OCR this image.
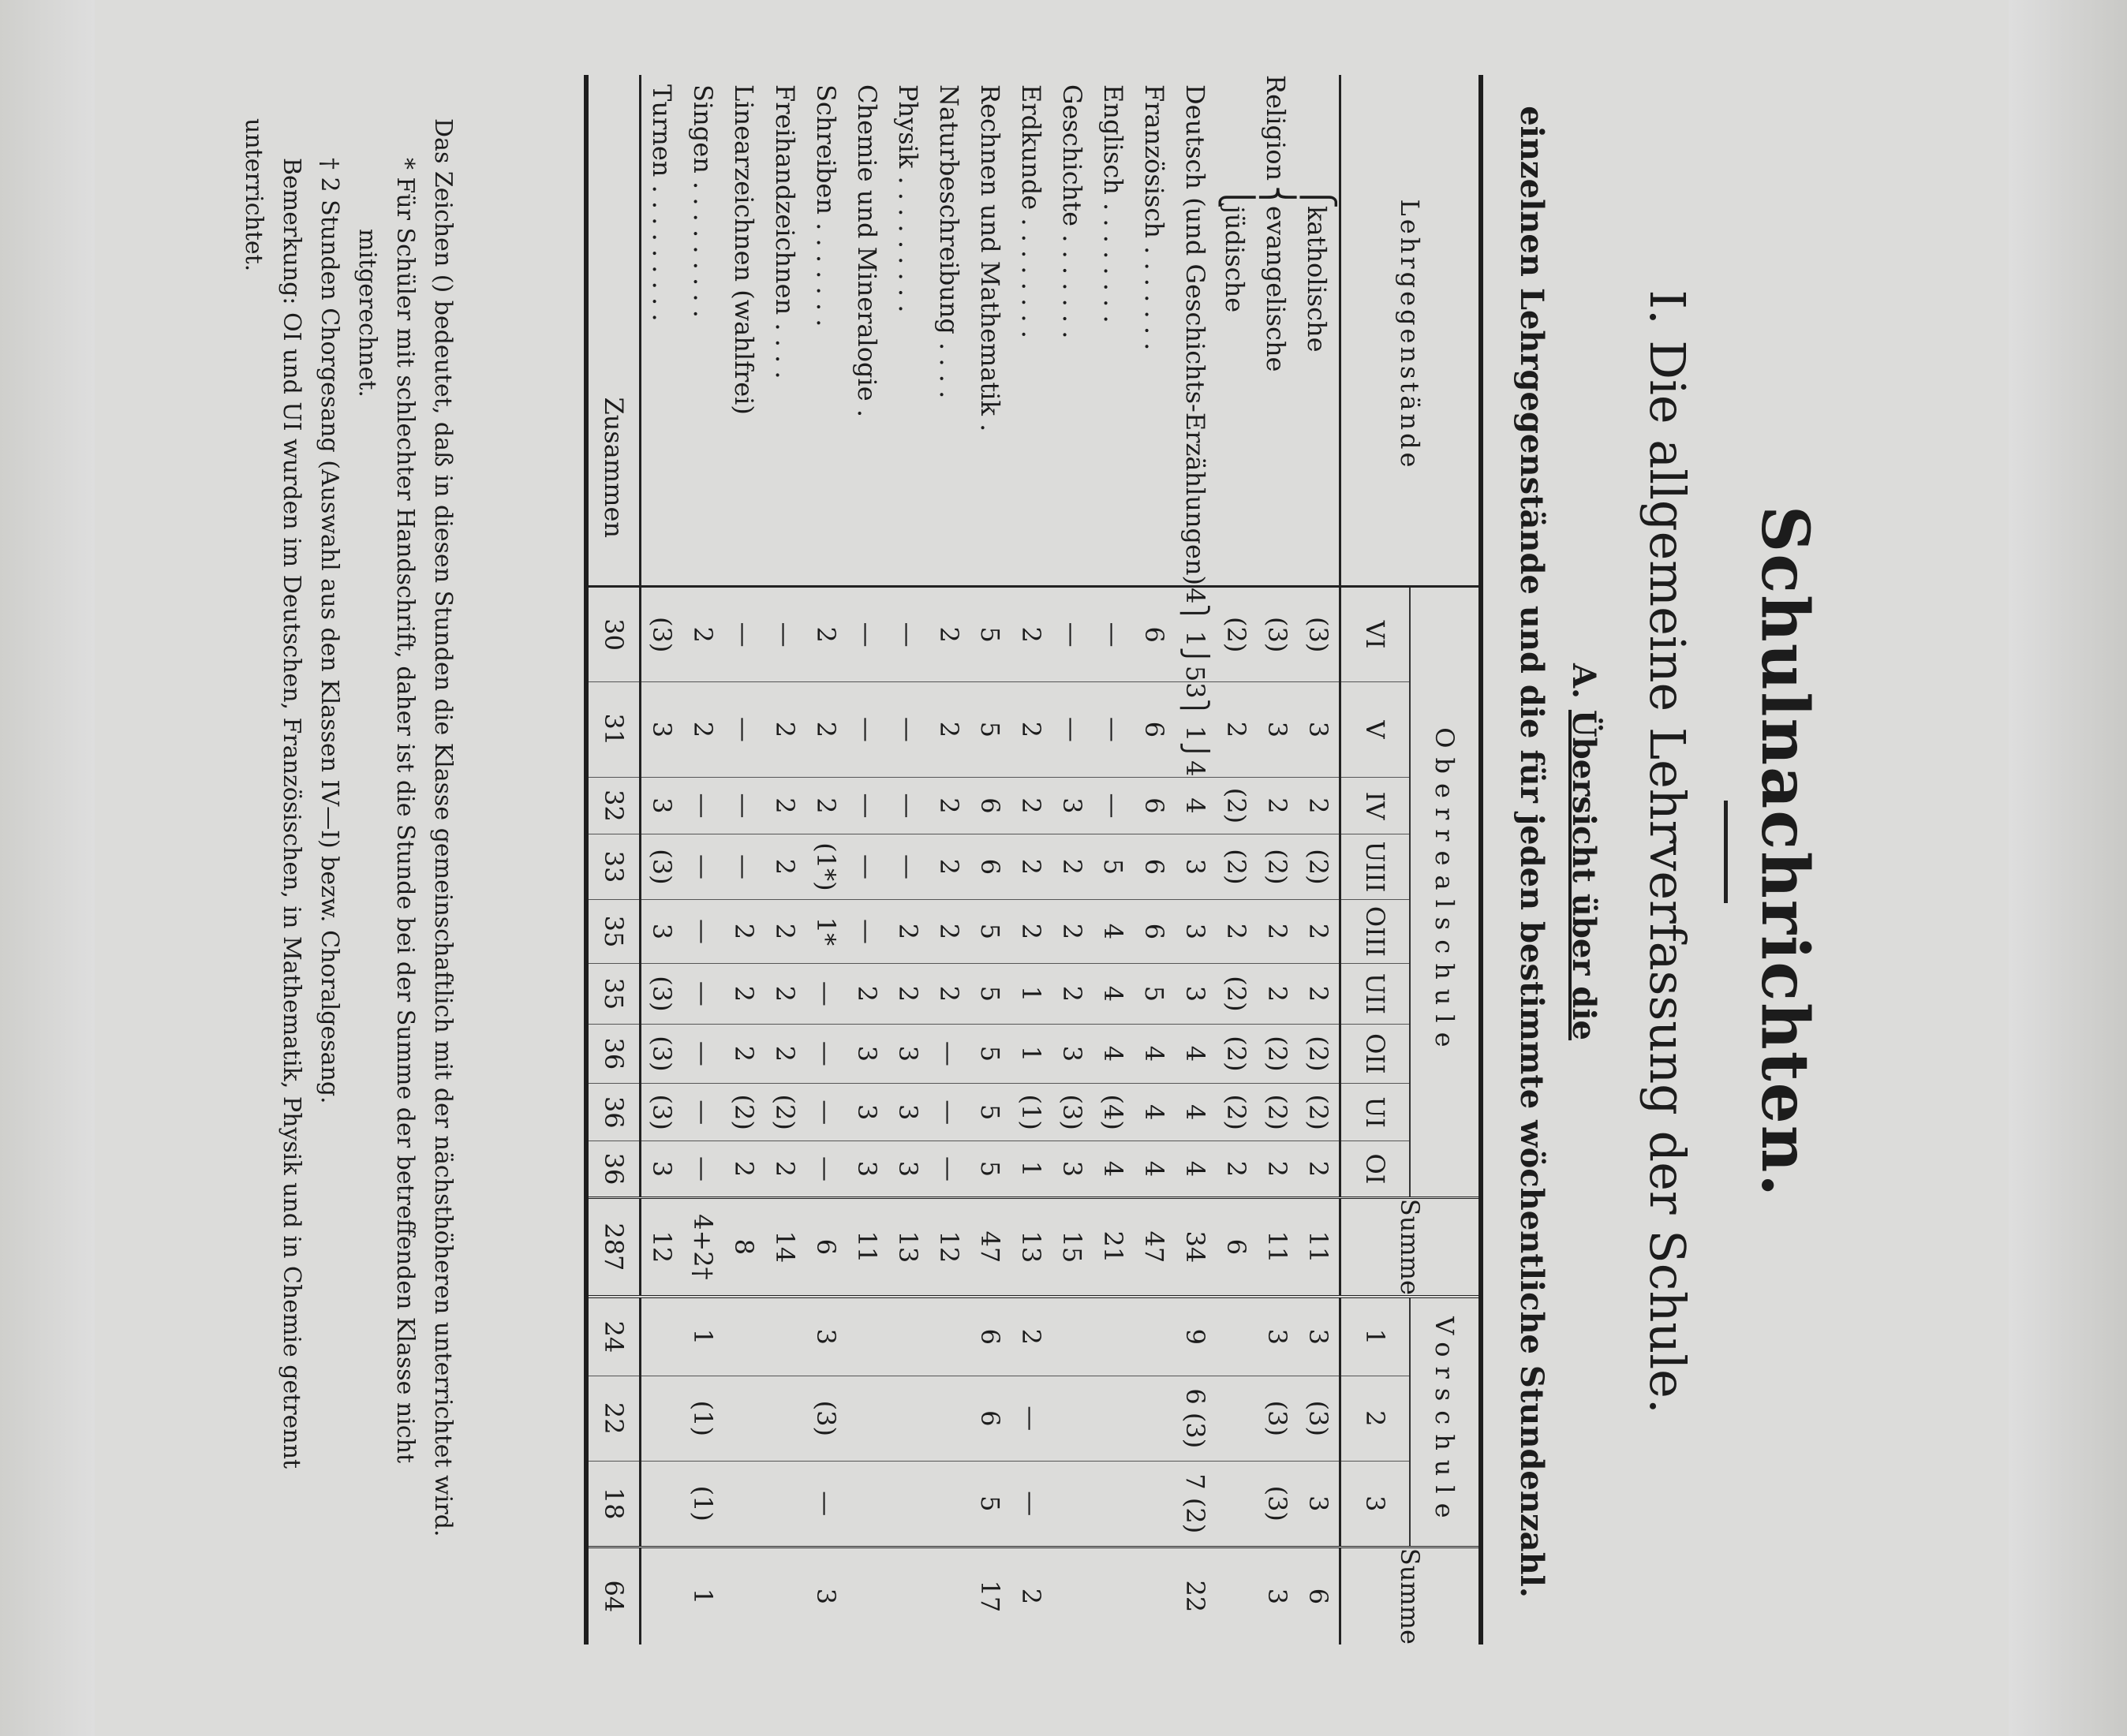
Schulnachrichten.
I. Die allgemeine Lehrverfassung der Schule.
A. Übersicht über die
einzelnen Lehrgegenstände und die für jeden bestimmte wöchentliche Stundenzahl.
Lehrgegenstände	Oberrealschule									Summe	Vorschule			Summe
	VI	V	IV	UIII	OIII	UII	OII	UI	OI		1	2	3	
⎧katholische	(3)	3	2	(2)	2	2	(2)	(2)	2	11	3	(3)	3	6
Religion⎨evangelische	(3)	3	2	(2)	2	2	(2)	(2)	2	11	3	(3)	(3)	3
⎩jüdische	(2)	2	(2)	(2)	2	(2)	(2)	(2)	2	6				
Deutsch (und Geschichts-Erzählungen)	4⎫ 1⎭5	3⎫ 1⎭4	4	3	3	3	4	4	4	34	9	6 (3)	7 (2)	22
Französisch . . . . . . .	6	6	6	6	6	5	4	4	4	47				
Englisch . . . . . . . .	—	—	—	5	4	4	4	(4)	4	21				
Geschichte . . . . . . .	—	—	3	2	2	2	3	(3)	3	15				
Erdkunde . . . . . . . .	2	2	2	2	2	1	1	(1)	1	13	2	—	—	2
Rechnen und Mathematik .	5	5	6	6	5	5	5	5	5	47	6	6	5	17
Naturbeschreibung . . . .	2	2	2	2	2	2	—	—	—	12				
Physik . . . . . . . . .	—	—	—	—	2	2	3	3	3	13				
Chemie und Mineralogie .	—	—	—	—	—	2	3	3	3	11				
Schreiben . . . . . . .	2	2	2	(1*)	1*	—	—	—	—	6	3	(3)	—	3
Freihandzeichnen . . . .	—	2	2	2	2	2	2	(2)	2	14				
Linearzeichnen (wahlfrei)	—	—	—	—	2	2	2	(2)	2	8				
Singen . . . . . . . . .	2	2	—	—	—	—	—	—	—	4+2†	1	(1)	(1)	1
Turnen . . . . . . . . .	(3)	3	3	(3)	3	(3)	(3)	(3)	3	12				
Zusammen	30	31	32	33	35	35	36	36	36	287	24	22	18	64

Das Zeichen () bedeutet, daß in diesen Stunden die Klasse gemeinschaftlich mit der nächsthöheren unterrichtet wird.

* Für Schüler mit schlechter Handschrift, daher ist die Stunde bei der Summe der betreffenden Klasse nicht

mitgerechnet.

† 2 Stunden Chorgesang (Auswahl aus den Klassen IV—I) bezw. Choralgesang.

Bemerkung: OI und UI wurden im Deutschen, Französischen, in Mathematik, Physik und in Chemie getrennt

unterrichtet.
